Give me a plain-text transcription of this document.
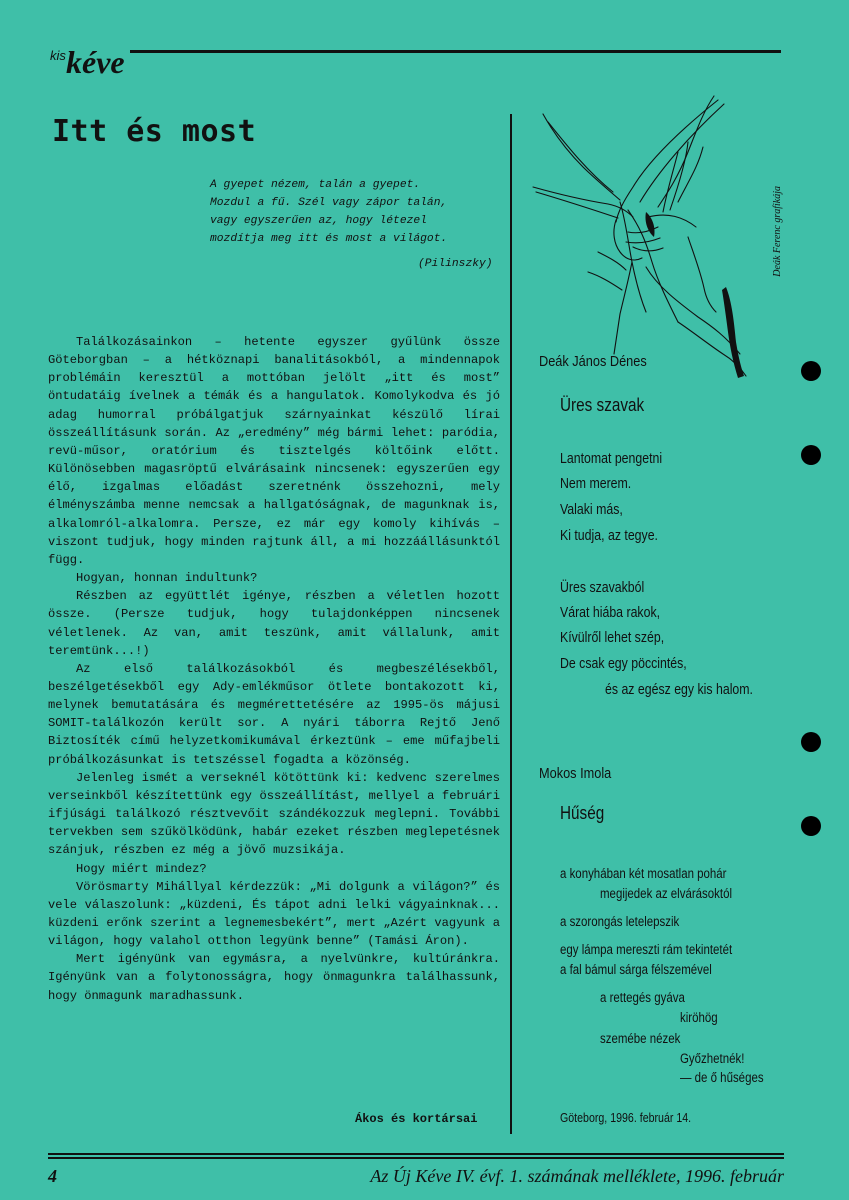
kis kéve
Itt és most
A gyepet nézem, talán a gyepet.
Mozdul a fű. Szél vagy zápor talán,
vagy egyszerűen az, hogy létezel
mozdítja meg itt és most a világot.
(Pilinszky)

Találkozásainkon – hetente egyszer gyűlünk össze Göteborgban – a hétköznapi banalitásokból, a mindennapok problémáin keresztül a mottóban jelölt „itt és most” öntudatáig ívelnek a témák és a hangulatok. Komolykodva és jó adag humorral próbálgatjuk szárnyainkat készülő lírai összeállításunk során. Az „eredmény” még bármi lehet: paródia, revü-műsor, oratórium és tisztelgés költőink előtt. Különösebben magasröptű elvárásaink nincsenek: egyszerűen egy élő, izgalmas előadást szeretnénk összehozni, mely élményszámba menne nemcsak a hallgatóságnak, de magunknak is, alkalomról-alkalomra. Persze, ez már egy komoly kihívás – viszont tudjuk, hogy minden rajtunk áll, a mi hozzáállásunktól függ.

Hogyan, honnan indultunk?

Részben az együttlét igénye, részben a véletlen hozott össze. (Persze tudjuk, hogy tulajdonképpen nincsenek véletlenek. Az van, amit teszünk, amit vállalunk, amit teremtünk...!)

Az első találkozásokból és megbeszélésekből, beszélgetésekből egy Ady-emlékműsor ötlete bontakozott ki, melynek bemutatására és megmérettetésére az 1995-ös májusi SOMIT-találkozón került sor. A nyári táborra Rejtő Jenő Biztosíték című helyzetkomikumával érkeztünk – eme műfajbeli próbálkozásunkat is tetszéssel fogadta a közönség.

Jelenleg ismét a verseknél kötöttünk ki: kedvenc szerelmes verseinkből készítettünk egy összeállítást, mellyel a februári ifjúsági találkozó résztvevőit szándékozzuk meglepni. További tervekben sem szűkölködünk, habár ezeket részben meglepetésnek szánjuk, részben ez még a jövő muzsikája.

Hogy miért mindez?

Vörösmarty Mihállyal kérdezzük: „Mi dolgunk a világon?” és vele válaszolunk: „küzdeni, És tápot adni lelki vágyainknak... küzdeni erőnk szerint a legnemesbekért”, mert „Azért vagyunk a világon, hogy valahol otthon legyünk benne” (Tamási Áron).

Mert igényünk van egymásra, a nyelvünkre, kultúránkra. Igényünk van a folytonosságra, hogy önmagunkra találhassunk, hogy önmagunk maradhassunk.

Ákos és kortársai
Deák Ferenc grafikája
Deák János Dénes
Üres szavak
Lantomat pengetni
Nem merem.
Valaki más,
Ki tudja, az tegye.
Üres szavakból
Várat hiába rakok,
Kívülről lehet szép,
De csak egy pöccintés,
és az egész egy kis halom.
Mokos Imola
Hűség
a konyhában két mosatlan pohár
megijedek az elvárásoktól
a szorongás letelepszik
egy lámpa mereszti rám tekintetét
a fal bámul sárga félszemével
a rettegés gyáva
kiröhög
szemébe nézek
Győzhetnék!
— de ő hűséges
Göteborg, 1996. február 14.
4	Az Új Kéve IV. évf. 1. számának melléklete, 1996. február
